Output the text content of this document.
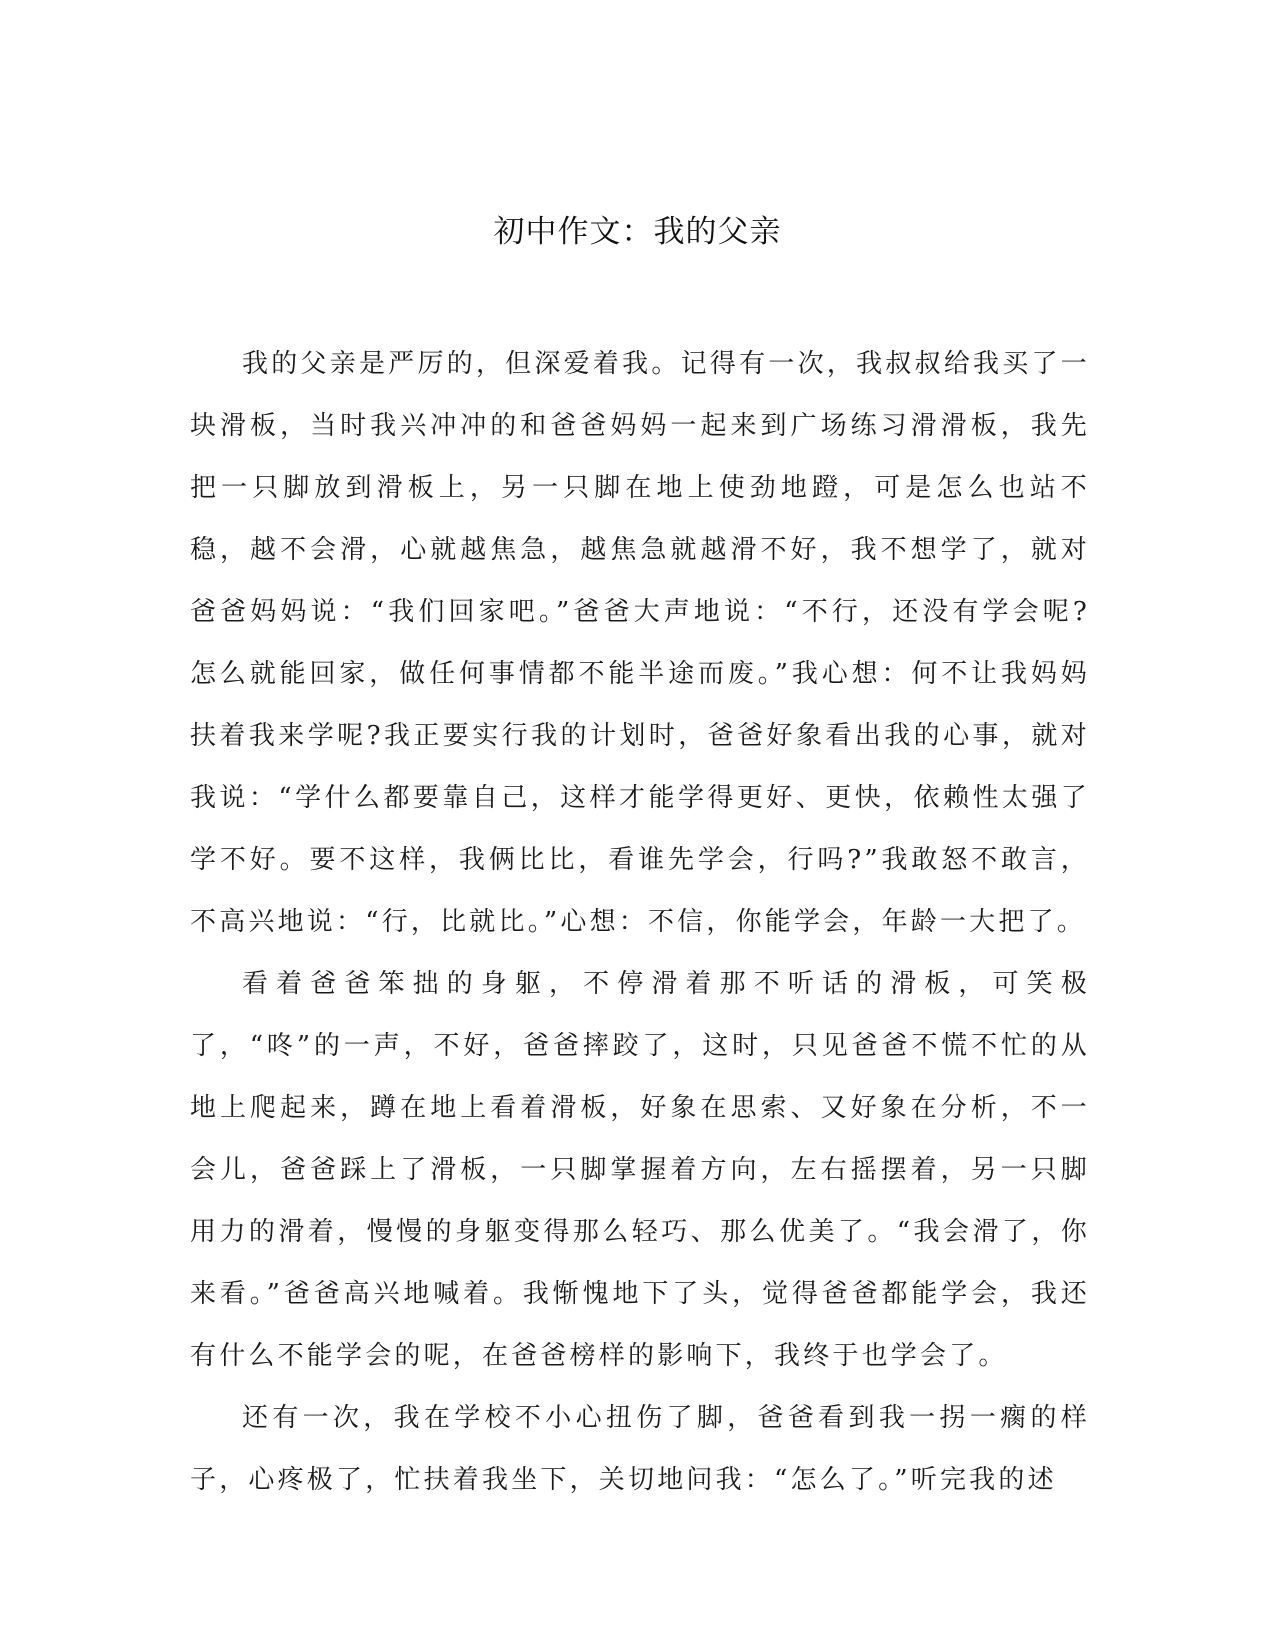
初中作文：我的父亲

我的父亲是严厉的，但深爱着我。记得有一次，我叔叔给我买了一块滑板，当时我兴冲冲的和爸爸妈妈一起来到广场练习滑滑板，我先把一只脚放到滑板上，另一只脚在地上使劲地蹬，可是怎么也站不稳，越不会滑，心就越焦急，越焦急就越滑不好，我不想学了，就对爸爸妈妈说：“我们回家吧。”爸爸大声地说：“不行，还没有学会呢?怎么就能回家，做任何事情都不能半途而废。”我心想：何不让我妈妈扶着我来学呢?我正要实行我的计划时，爸爸好象看出我的心事，就对我说：“学什么都要靠自己，这样才能学得更好、更快，依赖性太强了学不好。要不这样，我俩比比，看谁先学会，行吗?”我敢怒不敢言，不高兴地说：“行，比就比。”心想：不信，你能学会，年龄一大把了。

看着爸爸笨拙的身躯，不停滑着那不听话的滑板，可笑极了，“咚”的一声，不好，爸爸摔跤了，这时，只见爸爸不慌不忙的从地上爬起来，蹲在地上看着滑板，好象在思索、又好象在分析，不一会儿，爸爸踩上了滑板，一只脚掌握着方向，左右摇摆着，另一只脚用力的滑着，慢慢的身躯变得那么轻巧、那么优美了。“我会滑了，你来看。”爸爸高兴地喊着。我惭愧地下了头，觉得爸爸都能学会，我还有什么不能学会的呢，在爸爸榜样的影响下，我终于也学会了。

还有一次，我在学校不小心扭伤了脚，爸爸看到我一拐一瘸的样子，心疼极了，忙扶着我坐下，关切地问我：“怎么了。”听完我的述
